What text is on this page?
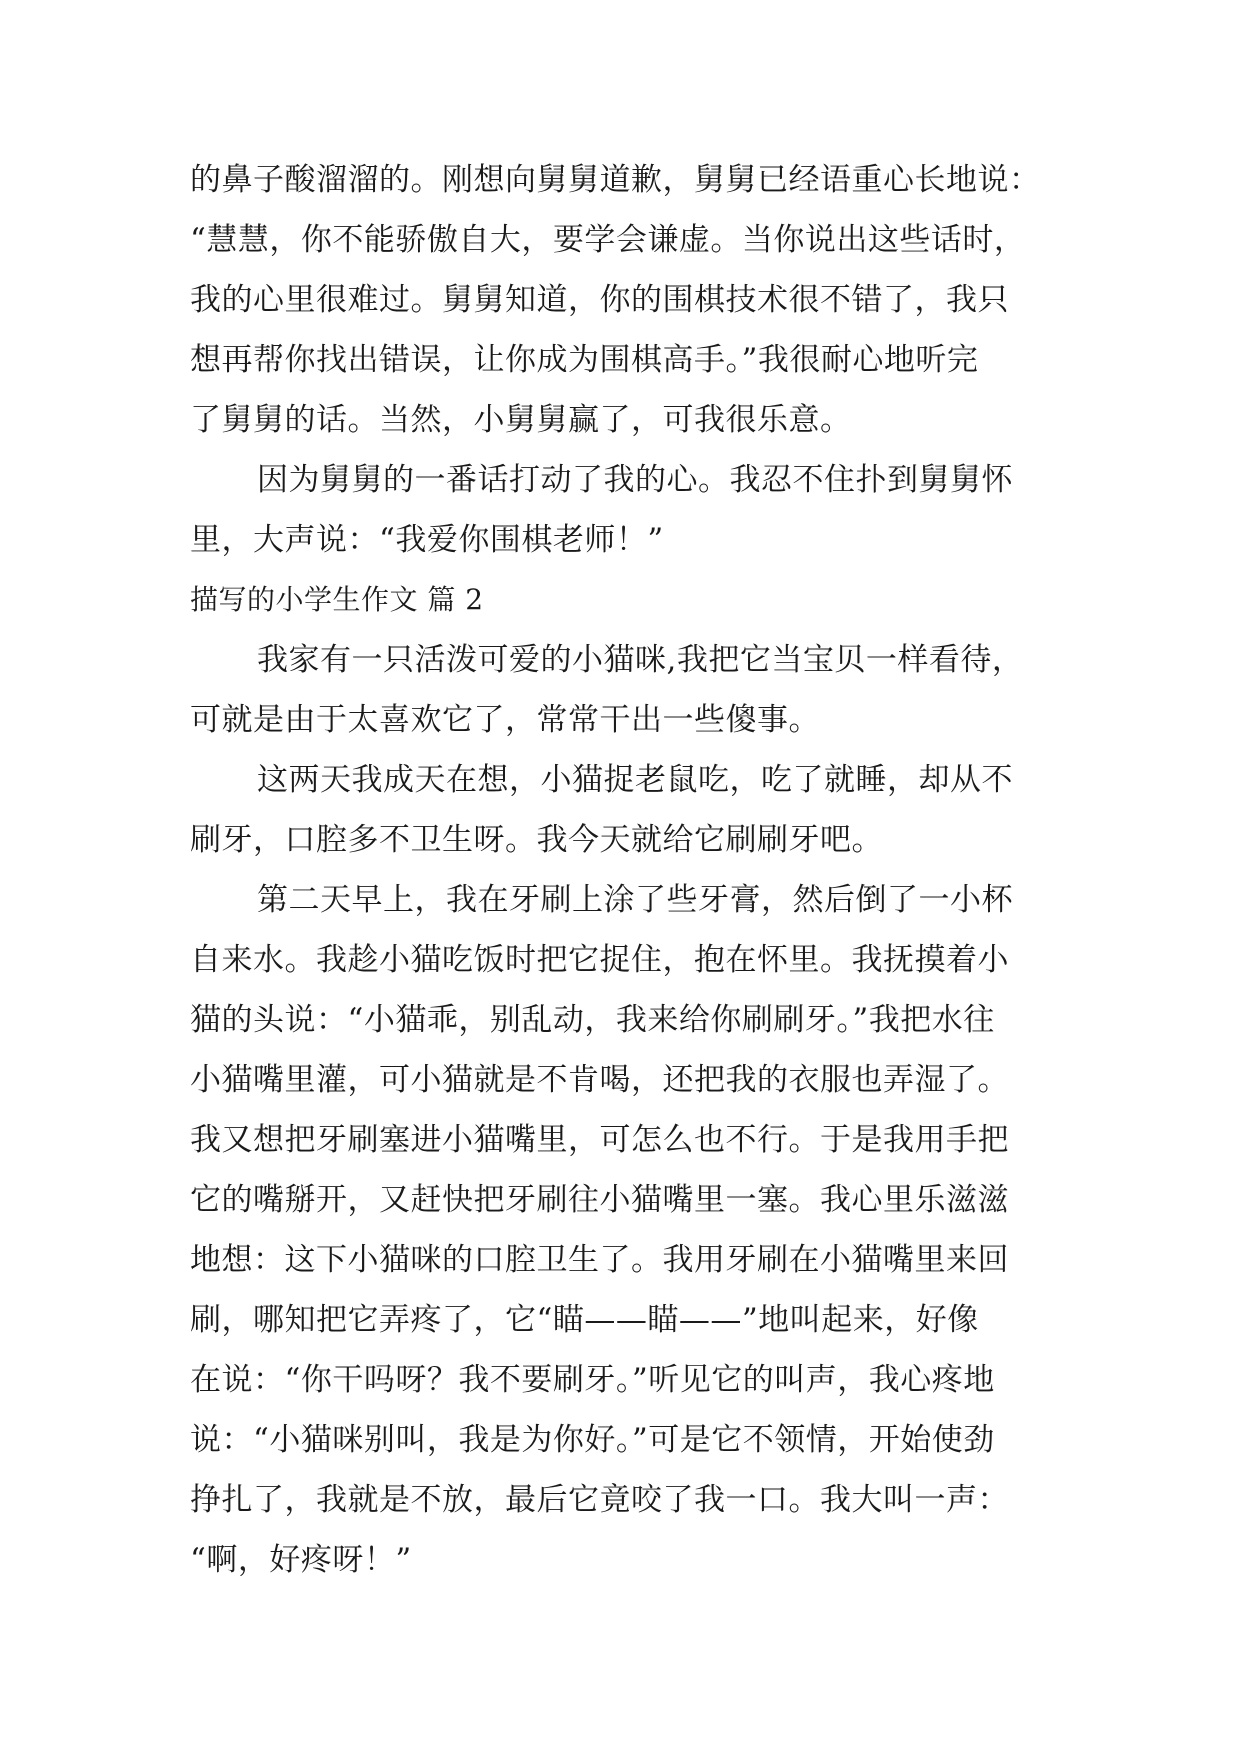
的鼻子酸溜溜的。刚想向舅舅道歉，舅舅已经语重心长地说：
“慧慧，你不能骄傲自大，要学会谦虚。当你说出这些话时，
我的心里很难过。舅舅知道，你的围棋技术很不错了，我只
想再帮你找出错误，让你成为围棋高手。”我很耐心地听完
了舅舅的话。当然，小舅舅赢了，可我很乐意。
因为舅舅的一番话打动了我的心。我忍不住扑到舅舅怀
里，大声说：“我爱你围棋老师！”
描写的小学生作文 篇 2
我家有一只活泼可爱的小猫咪,我把它当宝贝一样看待，
可就是由于太喜欢它了，常常干出一些傻事。
这两天我成天在想，小猫捉老鼠吃，吃了就睡，却从不
刷牙，口腔多不卫生呀。我今天就给它刷刷牙吧。
第二天早上，我在牙刷上涂了些牙膏，然后倒了一小杯
自来水。我趁小猫吃饭时把它捉住，抱在怀里。我抚摸着小
猫的头说：“小猫乖，别乱动，我来给你刷刷牙。”我把水往
小猫嘴里灌，可小猫就是不肯喝，还把我的衣服也弄湿了。
我又想把牙刷塞进小猫嘴里，可怎么也不行。于是我用手把
它的嘴掰开，又赶快把牙刷往小猫嘴里一塞。我心里乐滋滋
地想：这下小猫咪的口腔卫生了。我用牙刷在小猫嘴里来回
刷，哪知把它弄疼了，它“瞄——瞄——”地叫起来，好像
在说：“你干吗呀？我不要刷牙。”听见它的叫声，我心疼地
说：“小猫咪别叫，我是为你好。”可是它不领情，开始使劲
挣扎了，我就是不放，最后它竟咬了我一口。我大叫一声：
“啊，好疼呀！”
